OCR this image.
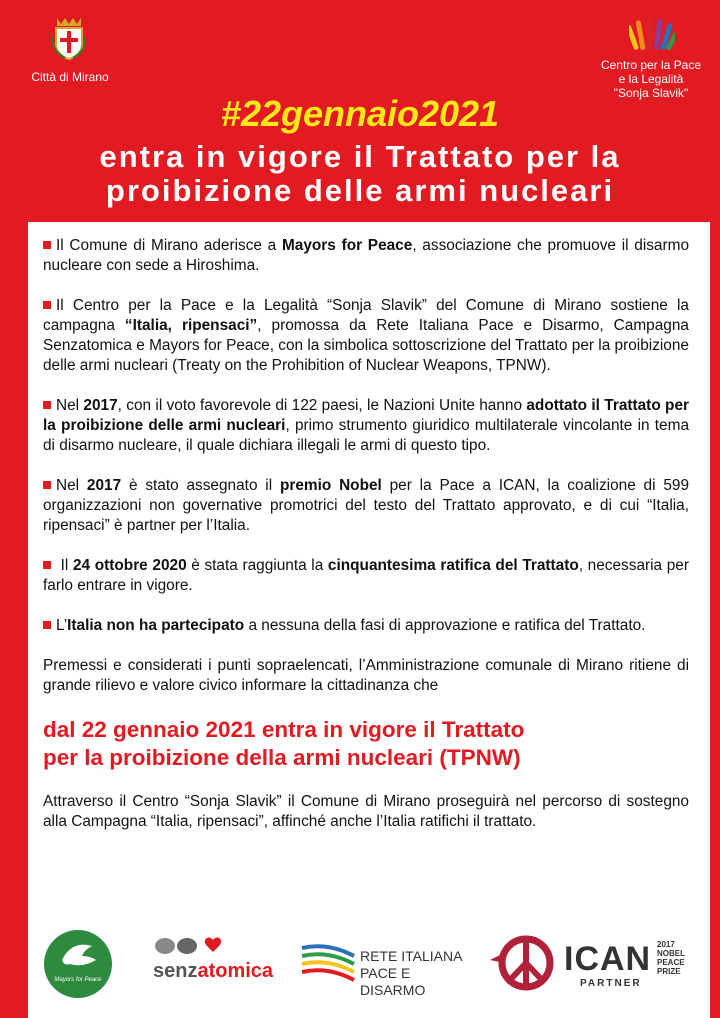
Città di Mirano
Centro per la Pace
e la Legalità
"Sonja Slavik"
#22gennaio2021
entra in vigore il Trattato per la
proibizione delle armi nucleari

Il Comune di Mirano aderisce a Mayors for Peace, associazione che promuove il disarmo nucleare con sede a Hiroshima.

Il Centro per la Pace e la Legalità “Sonja Slavik” del Comune di Mirano sostiene la campagna “Italia, ripensaci”, promossa da Rete Italiana Pace e Disarmo, Campagna Senzatomica e Mayors for Peace, con la simbolica sottoscrizione del Trattato per la proibizione delle armi nucleari (Treaty on the Prohibition of Nuclear Weapons, TPNW).

Nel 2017, con il voto favorevole di 122 paesi, le Nazioni Unite hanno adottato il Trattato per la proibizione delle armi nucleari, primo strumento giuridico multilaterale vincolante in tema di disarmo nucleare, il quale dichiara illegali le armi di questo tipo.

Nel 2017 è stato assegnato il premio Nobel per la Pace a ICAN, la coalizione di 599 organizzazioni non governative promotrici del testo del Trattato approvato, e di cui “Italia, ripensaci” è partner per l’Italia.

Il 24 ottobre 2020 è stata raggiunta la cinquantesima ratifica del Trattato, necessaria per farlo entrare in vigore.

L’Italia non ha partecipato a nessuna della fasi di approvazione e ratifica del Trattato.

Premessi e considerati i punti sopraelencati, l’Amministrazione comunale di Mirano ritiene di grande rilievo e valore civico informare la cittadinanza che

dal 22 gennaio 2021 entra in vigore il Trattato
per la proibizione della armi nucleari (TPNW)

Attraverso il Centro “Sonja Slavik” il Comune di Mirano proseguirà nel percorso di sostegno alla Campagna “Italia, ripensaci”, affinché anche l’Italia ratifichi il trattato.

Mayors for Peace	senzatomica
RETE ITALIANA
PACE E DISARMO
ICAN
PARTNER
2017
NOBEL
PEACE
PRIZE
